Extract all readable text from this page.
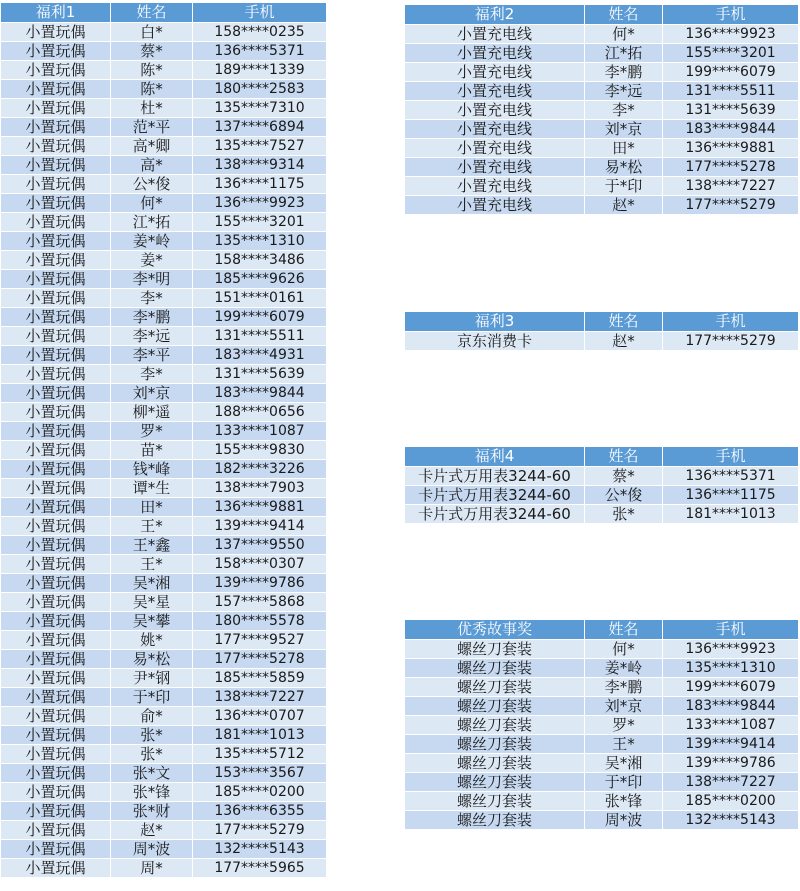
福利1	姓名	手机
小置玩偶	白*	158****0235
小置玩偶	蔡*	136****5371
小置玩偶	陈*	189****1339
小置玩偶	陈*	180****2583
小置玩偶	杜*	135****7310
小置玩偶	范*平	137****6894
小置玩偶	高*卿	135****7527
小置玩偶	高*	138****9314
小置玩偶	公*俊	136****1175
小置玩偶	何*	136****9923
小置玩偶	江*拓	155****3201
小置玩偶	姜*岭	135****1310
小置玩偶	姜*	158****3486
小置玩偶	李*明	185****9626
小置玩偶	李*	151****0161
小置玩偶	李*鹏	199****6079
小置玩偶	李*远	131****5511
小置玩偶	李*平	183****4931
小置玩偶	李*	131****5639
小置玩偶	刘*京	183****9844
小置玩偶	柳*遥	188****0656
小置玩偶	罗*	133****1087
小置玩偶	苗*	155****9830
小置玩偶	钱*峰	182****3226
小置玩偶	谭*生	138****7903
小置玩偶	田*	136****9881
小置玩偶	王*	139****9414
小置玩偶	王*鑫	137****9550
小置玩偶	王*	158****0307
小置玩偶	吴*湘	139****9786
小置玩偶	吴*星	157****5868
小置玩偶	吴*攀	180****5578
小置玩偶	姚*	177****9527
小置玩偶	易*松	177****5278
小置玩偶	尹*钢	185****5859
小置玩偶	于*印	138****7227
小置玩偶	俞*	136****0707
小置玩偶	张*	181****1013
小置玩偶	张*	135****5712
小置玩偶	张*文	153****3567
小置玩偶	张*锋	185****0200
小置玩偶	张*财	136****6355
小置玩偶	赵*	177****5279
小置玩偶	周*波	132****5143
小置玩偶	周*	177****5965
福利2	姓名	手机
小置充电线	何*	136****9923
小置充电线	江*拓	155****3201
小置充电线	李*鹏	199****6079
小置充电线	李*远	131****5511
小置充电线	李*	131****5639
小置充电线	刘*京	183****9844
小置充电线	田*	136****9881
小置充电线	易*松	177****5278
小置充电线	于*印	138****7227
小置充电线	赵*	177****5279
福利3	姓名	手机
京东消费卡	赵*	177****5279
福利4	姓名	手机
卡片式万用表3244-60	蔡*	136****5371
卡片式万用表3244-60	公*俊	136****1175
卡片式万用表3244-60	张*	181****1013
优秀故事奖	姓名	手机
螺丝刀套装	何*	136****9923
螺丝刀套装	姜*岭	135****1310
螺丝刀套装	李*鹏	199****6079
螺丝刀套装	刘*京	183****9844
螺丝刀套装	罗*	133****1087
螺丝刀套装	王*	139****9414
螺丝刀套装	吴*湘	139****9786
螺丝刀套装	于*印	138****7227
螺丝刀套装	张*锋	185****0200
螺丝刀套装	周*波	132****5143
